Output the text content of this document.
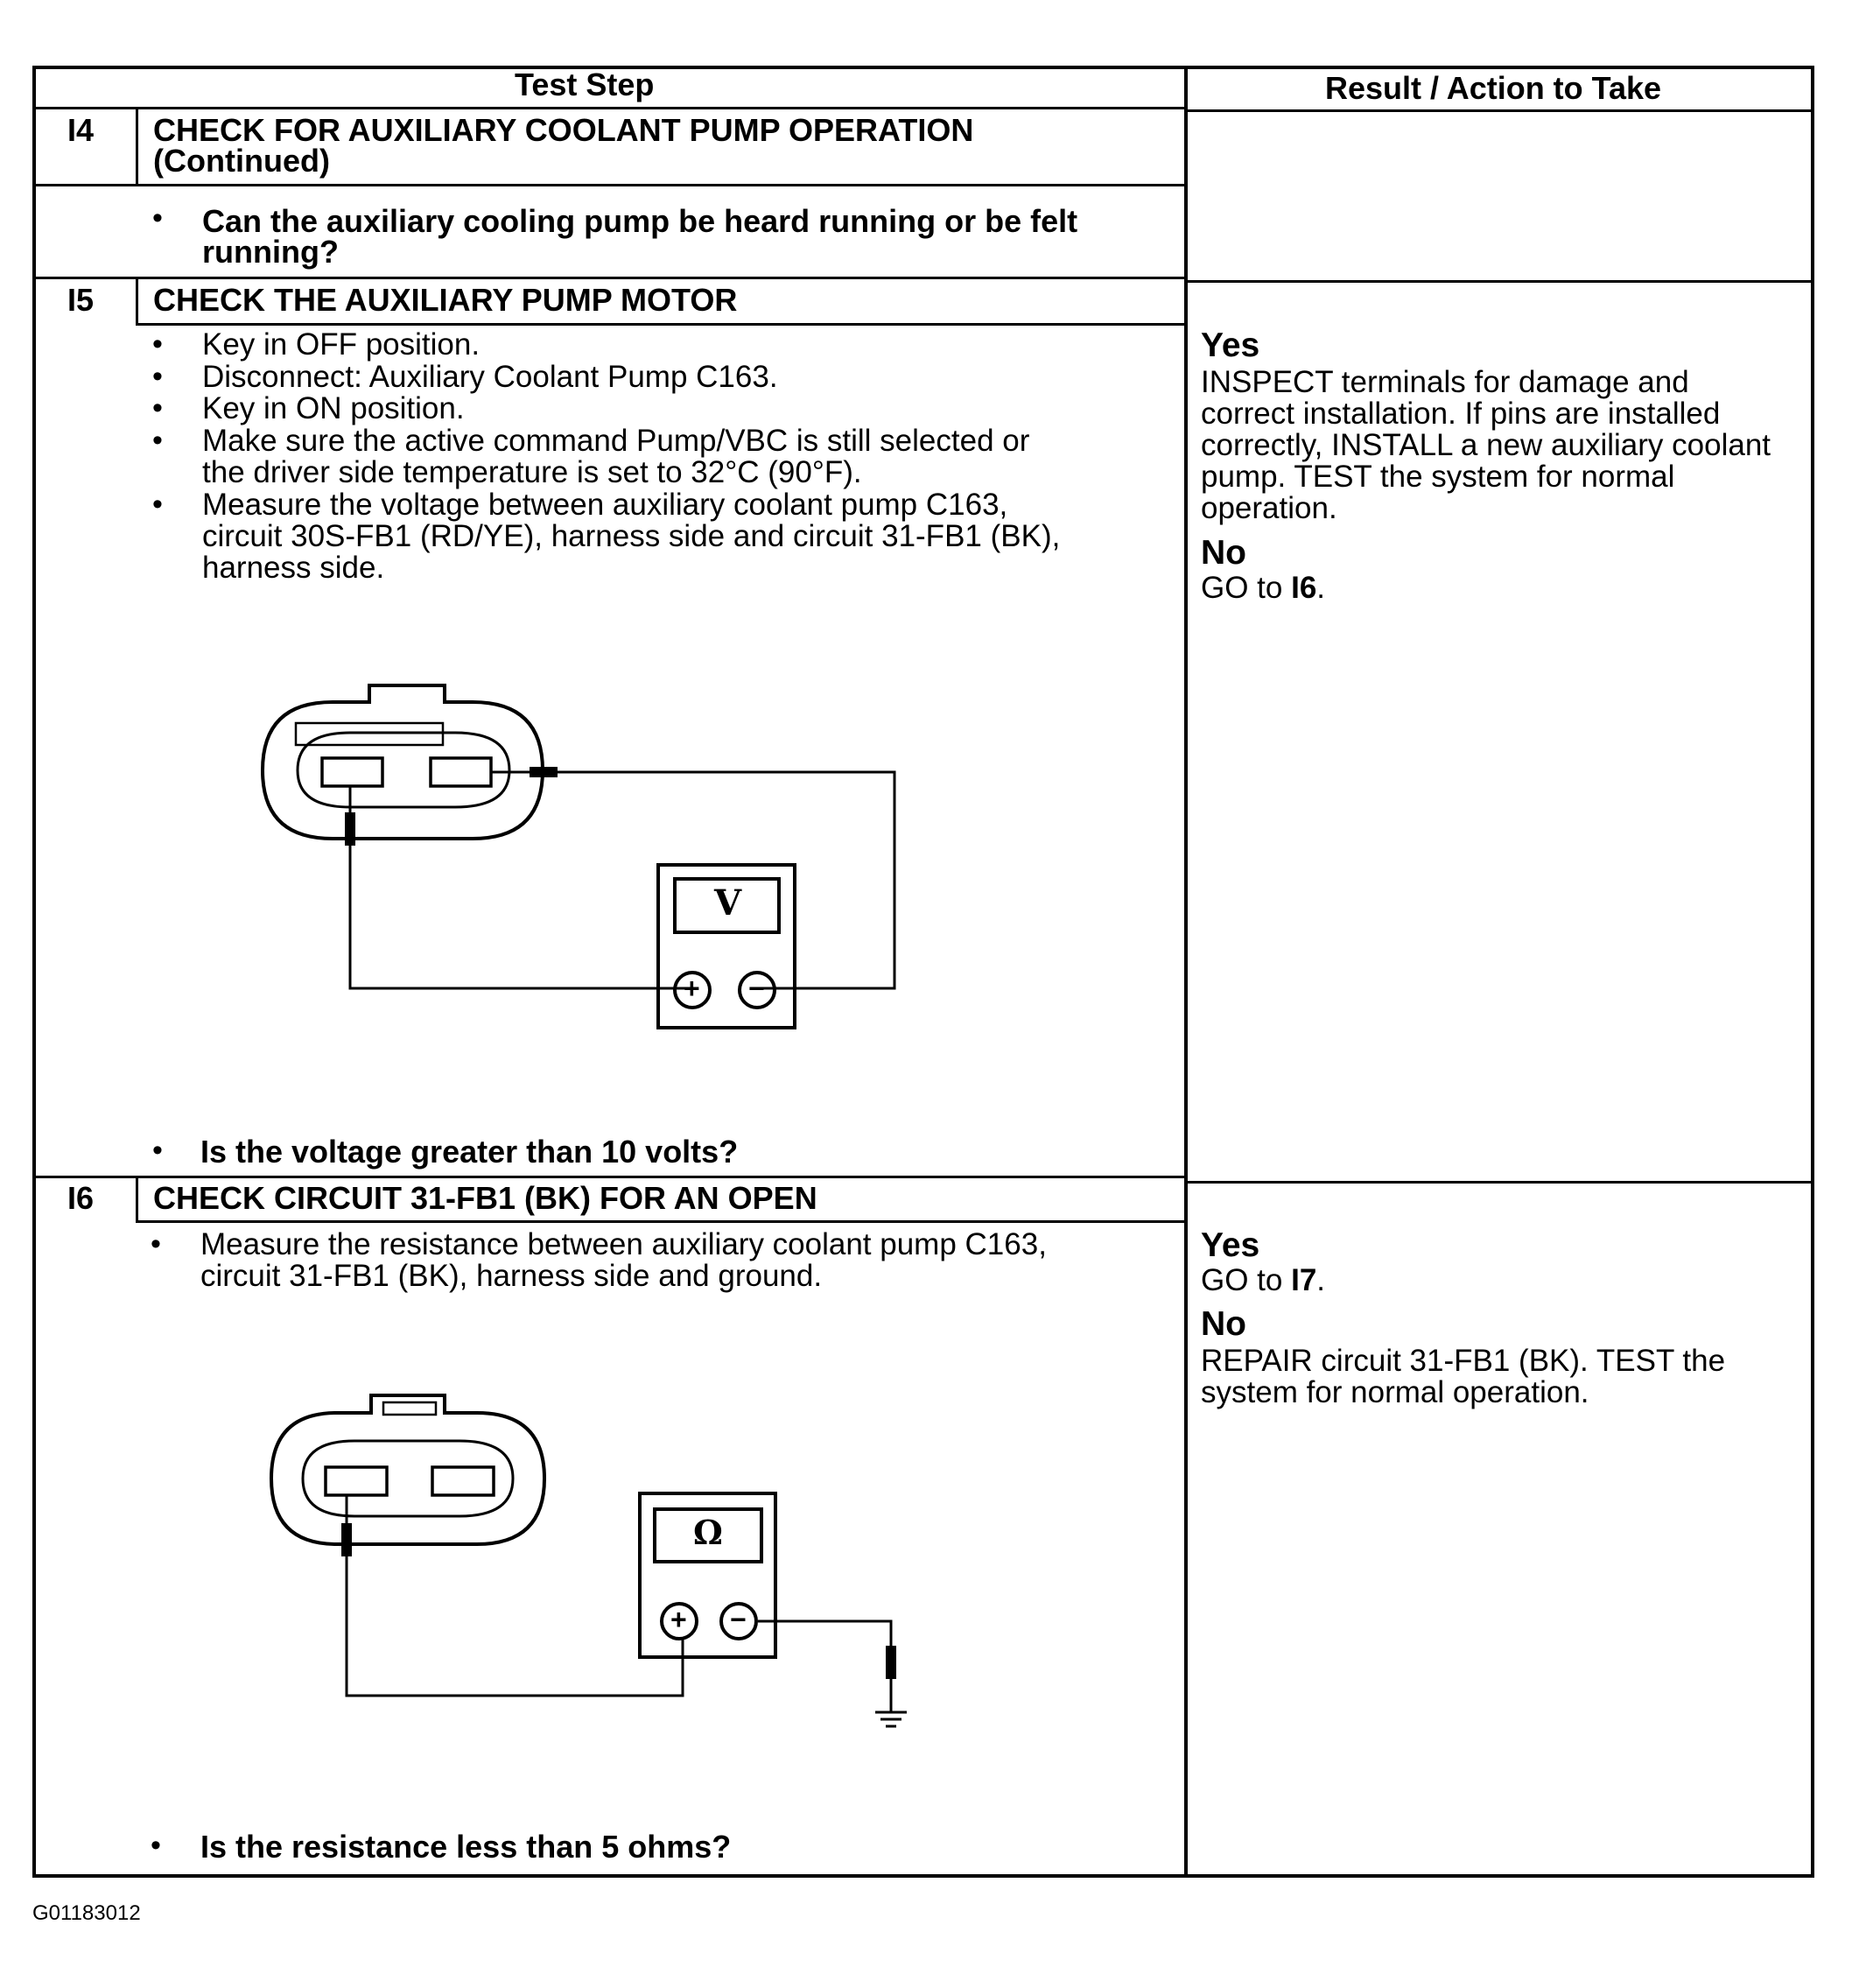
Test Step	Result / Action to Take
I4 CHECK FOR AUXILIARY COOLANT PUMP OPERATION
(Continued)
• Can the auxiliary cooling pump be heard running or be felt
running?
I5 CHECK THE AUXILIARY PUMP MOTOR
• Key in OFF position.
• Disconnect: Auxiliary Coolant Pump C163.
• Key in ON position.
• Make sure the active command Pump/VBC is still selected or
the driver side temperature is set to 32°C (90°F).
• Measure the voltage between auxiliary coolant pump C163,
circuit 30S-FB1 (RD/YE), harness side and circuit 31-FB1 (BK),
harness side.
V
+ −
• Is the voltage greater than 10 volts?
Yes
INSPECT terminals for damage and
correct installation. If pins are installed
correctly, INSTALL a new auxiliary coolant
pump. TEST the system for normal
operation.
No
GO to I6.
I6 CHECK CIRCUIT 31-FB1 (BK) FOR AN OPEN
• Measure the resistance between auxiliary coolant pump C163,
circuit 31-FB1 (BK), harness side and ground.
Ω
+ −
• Is the resistance less than 5 ohms?
Yes
GO to I7.
No
REPAIR circuit 31-FB1 (BK). TEST the
system for normal operation.
G01183012
